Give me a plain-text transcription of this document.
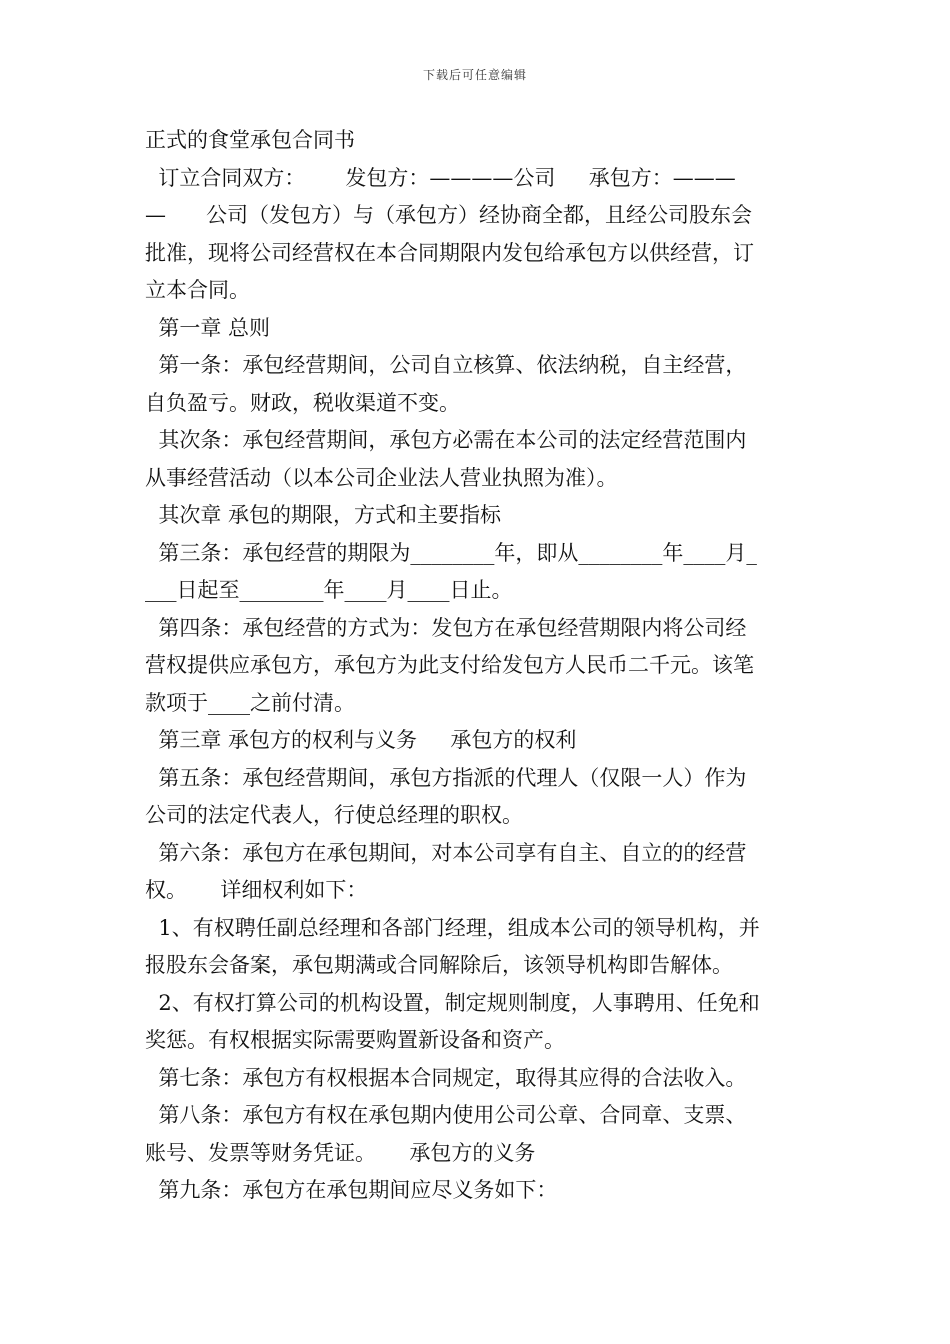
下载后可任意编辑
正式的食堂承包合同书
订立合同双方：      发包方：————公司     承包方：———
—      公司（发包方）与（承包方）经协商全都，且经公司股东会
批准，现将公司经营权在本合同期限内发包给承包方以供经营，订
立本合同。
第一章 总则
第一条：承包经营期间，公司自立核算、依法纳税，自主经营，
自负盈亏。财政，税收渠道不变。
其次条：承包经营期间，承包方必需在本公司的法定经营范围内
从事经营活动（以本公司企业法人营业执照为准）。
其次章 承包的期限，方式和主要指标
第三条：承包经营的期限为________年，即从________年____月_
___日起至________年____月____日止。
第四条：承包经营的方式为：发包方在承包经营期限内将公司经
营权提供应承包方，承包方为此支付给发包方人民币二千元。该笔
款项于____之前付清。
第三章 承包方的权利与义务     承包方的权利
第五条：承包经营期间，承包方指派的代理人（仅限一人）作为
公司的法定代表人，行使总经理的职权。
第六条：承包方在承包期间，对本公司享有自主、自立的的经营
权。     详细权利如下：
1、有权聘任副总经理和各部门经理，组成本公司的领导机构，并
报股东会备案，承包期满或合同解除后，该领导机构即告解体。
2、有权打算公司的机构设置，制定规则制度，人事聘用、任免和
奖惩。有权根据实际需要购置新设备和资产。
第七条：承包方有权根据本合同规定，取得其应得的合法收入。
第八条：承包方有权在承包期内使用公司公章、合同章、支票、
账号、发票等财务凭证。     承包方的义务
第九条：承包方在承包期间应尽义务如下：
